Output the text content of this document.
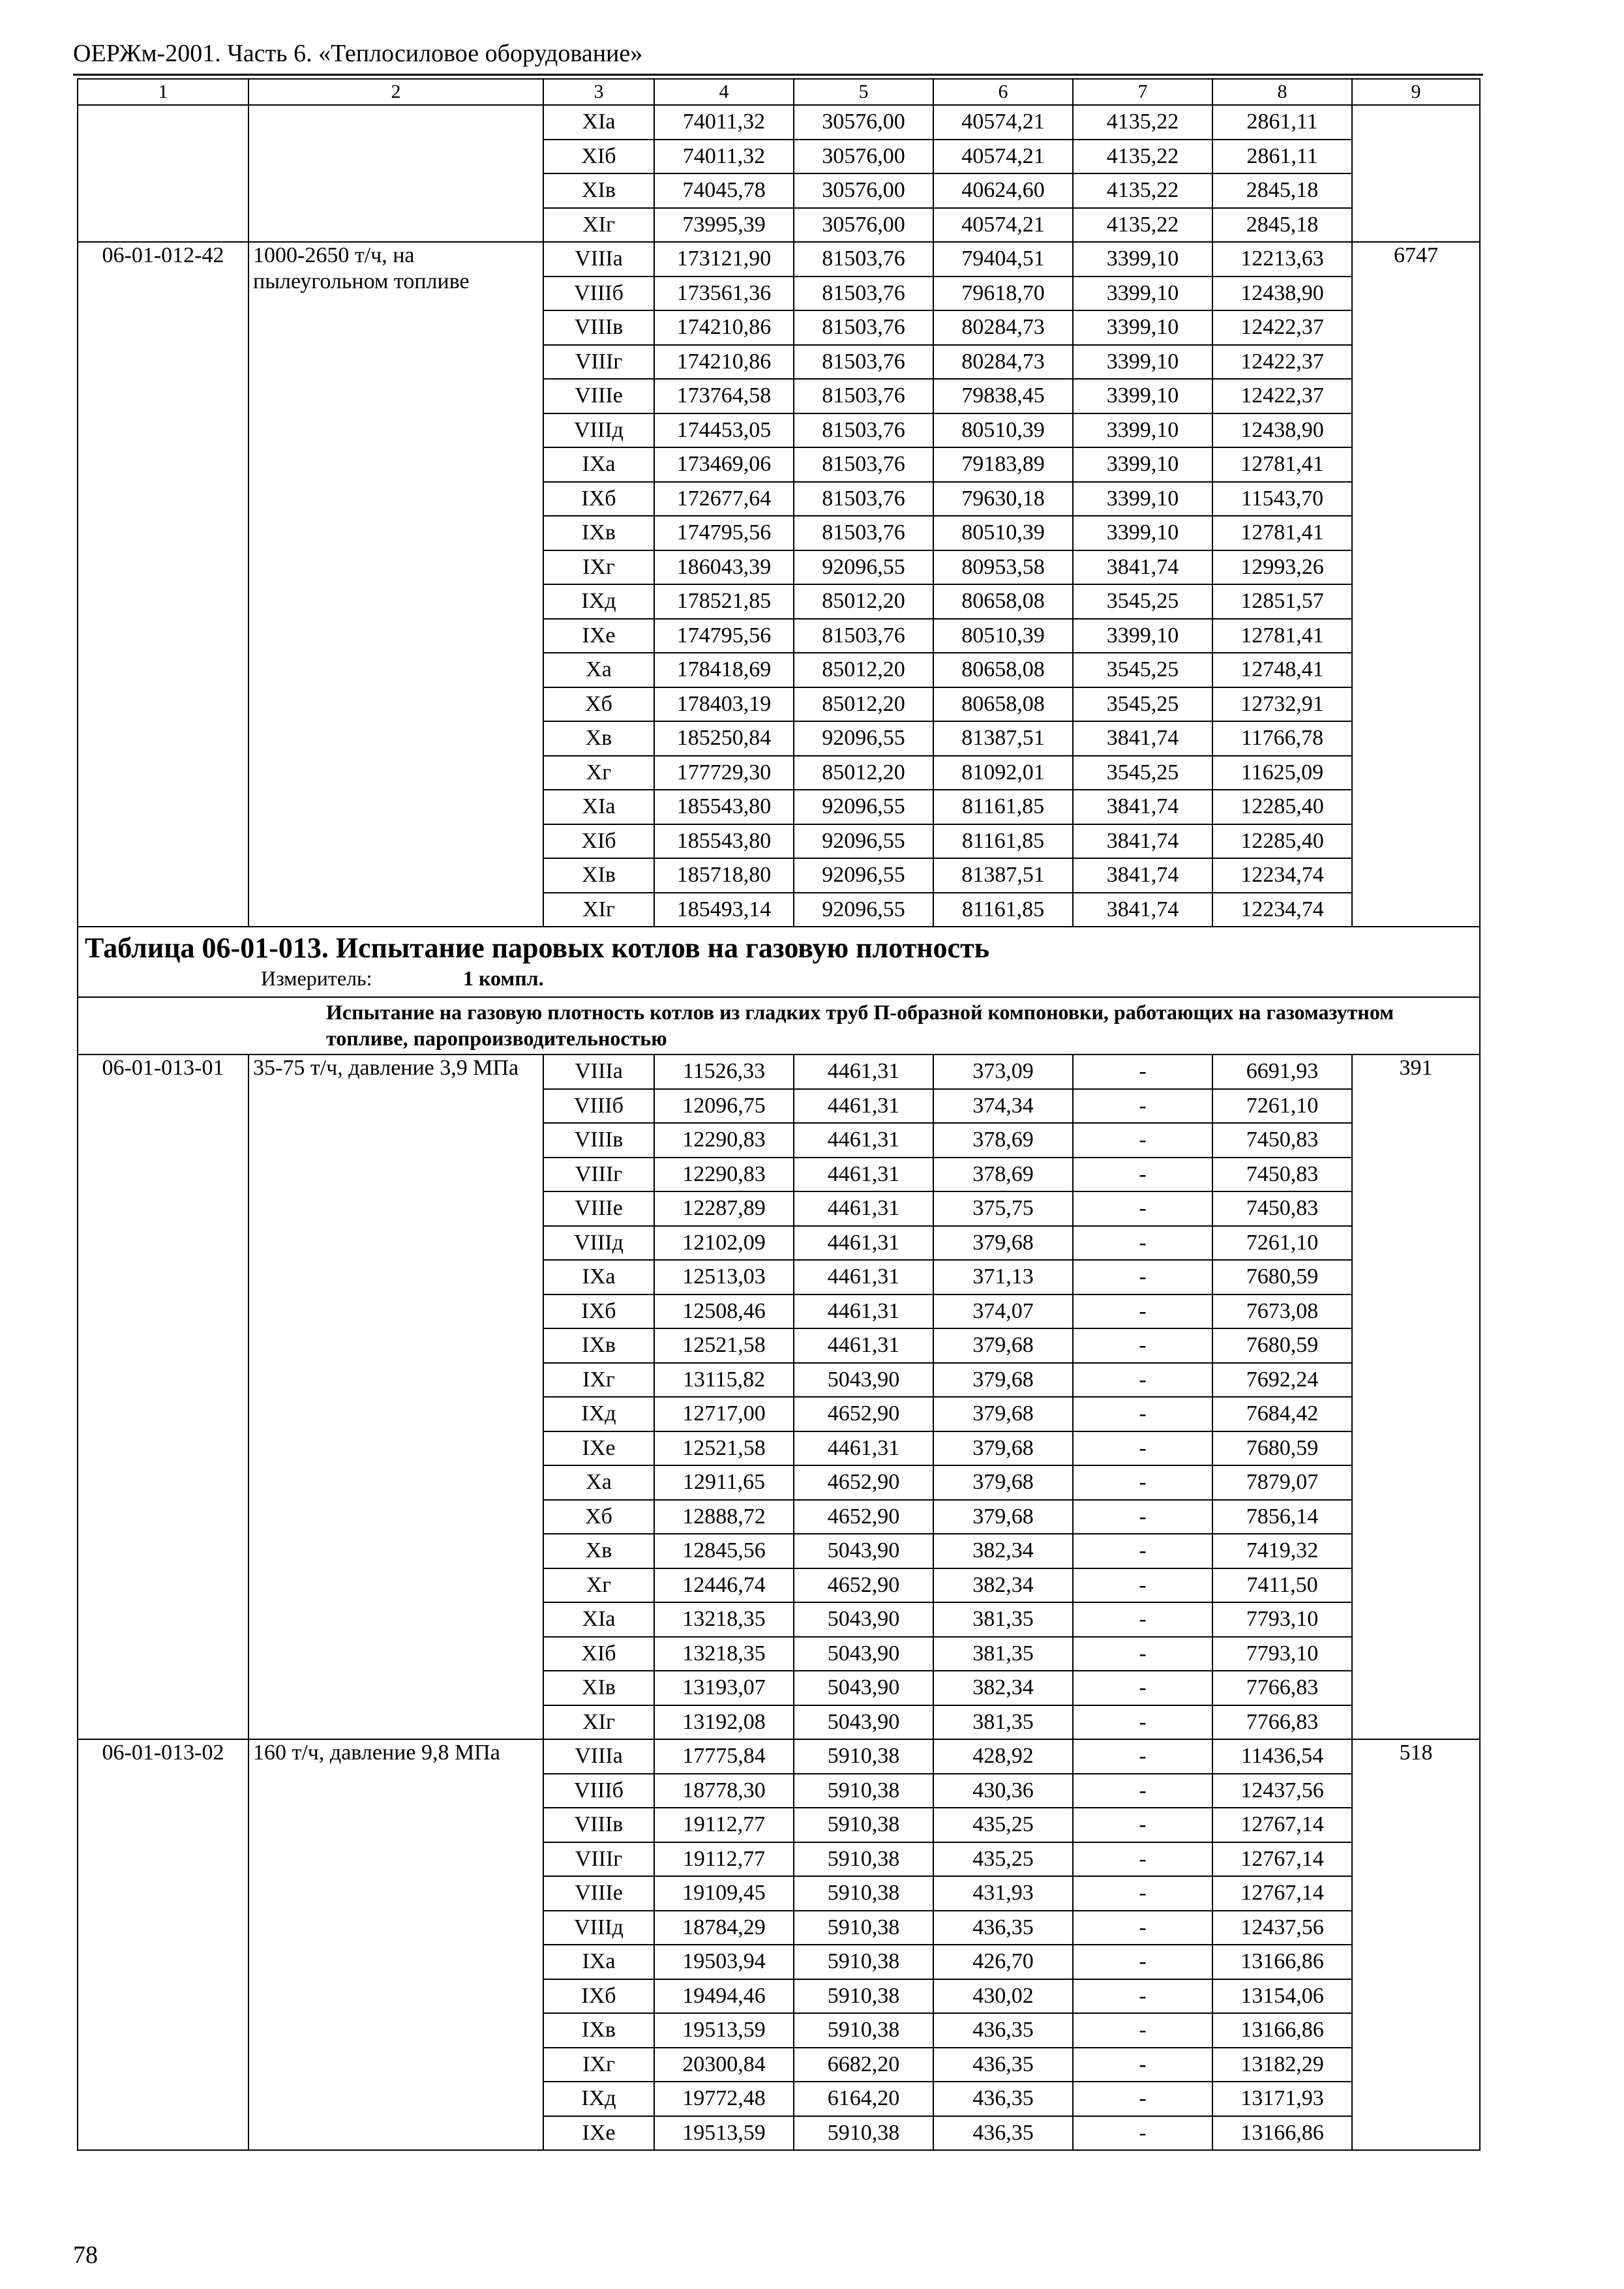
ОЕРЖм-2001. Часть 6. «Теплосиловое оборудование»
1	2	3	4	5	6	7	8	9
		XIа	74011,32	30576,00	40574,21	4135,22	2861,11	
		XIб	74011,32	30576,00	40574,21	4135,22	2861,11	
		XIв	74045,78	30576,00	40624,60	4135,22	2845,18	
		XIг	73995,39	30576,00	40574,21	4135,22	2845,18	
06-01-012-42	1000-2650 т/ч, на пылеугольном топливе	VIIIа	173121,90	81503,76	79404,51	3399,10	12213,63	6747
		VIIIб	173561,36	81503,76	79618,70	3399,10	12438,90	
		VIIIв	174210,86	81503,76	80284,73	3399,10	12422,37	
		VIIIг	174210,86	81503,76	80284,73	3399,10	12422,37	
		VIIIе	173764,58	81503,76	79838,45	3399,10	12422,37	
		VIIIд	174453,05	81503,76	80510,39	3399,10	12438,90	
		IXа	173469,06	81503,76	79183,89	3399,10	12781,41	
		IXб	172677,64	81503,76	79630,18	3399,10	11543,70	
		IXв	174795,56	81503,76	80510,39	3399,10	12781,41	
		IXг	186043,39	92096,55	80953,58	3841,74	12993,26	
		IXд	178521,85	85012,20	80658,08	3545,25	12851,57	
		IXе	174795,56	81503,76	80510,39	3399,10	12781,41	
		Xа	178418,69	85012,20	80658,08	3545,25	12748,41	
		Xб	178403,19	85012,20	80658,08	3545,25	12732,91	
		Xв	185250,84	92096,55	81387,51	3841,74	11766,78	
		Xг	177729,30	85012,20	81092,01	3545,25	11625,09	
		XIа	185543,80	92096,55	81161,85	3841,74	12285,40	
		XIб	185543,80	92096,55	81161,85	3841,74	12285,40	
		XIв	185718,80	92096,55	81387,51	3841,74	12234,74	
		XIг	185493,14	92096,55	81161,85	3841,74	12234,74	

Таблица 06-01-013. Испытание паровых котлов на газовую плотность
Измеритель: 1 компл.								

Испытание на газовую плотность котлов из гладких труб П-образной компоновки, работающих на газомазутном топливе, паропроизводительностью								
06-01-013-01	35-75 т/ч, давление 3,9 МПа	VIIIа	11526,33	4461,31	373,09	-	6691,93	391
		VIIIб	12096,75	4461,31	374,34	-	7261,10	
		VIIIв	12290,83	4461,31	378,69	-	7450,83	
		VIIIг	12290,83	4461,31	378,69	-	7450,83	
		VIIIе	12287,89	4461,31	375,75	-	7450,83	
		VIIIд	12102,09	4461,31	379,68	-	7261,10	
		IXа	12513,03	4461,31	371,13	-	7680,59	
		IXб	12508,46	4461,31	374,07	-	7673,08	
		IXв	12521,58	4461,31	379,68	-	7680,59	
		IXг	13115,82	5043,90	379,68	-	7692,24	
		IXд	12717,00	4652,90	379,68	-	7684,42	
		IXе	12521,58	4461,31	379,68	-	7680,59	
		Xа	12911,65	4652,90	379,68	-	7879,07	
		Xб	12888,72	4652,90	379,68	-	7856,14	
		Xв	12845,56	5043,90	382,34	-	7419,32	
		Xг	12446,74	4652,90	382,34	-	7411,50	
		XIа	13218,35	5043,90	381,35	-	7793,10	
		XIб	13218,35	5043,90	381,35	-	7793,10	
		XIв	13193,07	5043,90	382,34	-	7766,83	
		XIг	13192,08	5043,90	381,35	-	7766,83	
06-01-013-02	160 т/ч, давление 9,8 МПа	VIIIа	17775,84	5910,38	428,92	-	11436,54	518
		VIIIб	18778,30	5910,38	430,36	-	12437,56	
		VIIIв	19112,77	5910,38	435,25	-	12767,14	
		VIIIг	19112,77	5910,38	435,25	-	12767,14	
		VIIIе	19109,45	5910,38	431,93	-	12767,14	
		VIIIд	18784,29	5910,38	436,35	-	12437,56	
		IXа	19503,94	5910,38	426,70	-	13166,86	
		IXб	19494,46	5910,38	430,02	-	13154,06	
		IXв	19513,59	5910,38	436,35	-	13166,86	
		IXг	20300,84	6682,20	436,35	-	13182,29	
		IXд	19772,48	6164,20	436,35	-	13171,93	
		IXе	19513,59	5910,38	436,35	-	13166,86	
78
